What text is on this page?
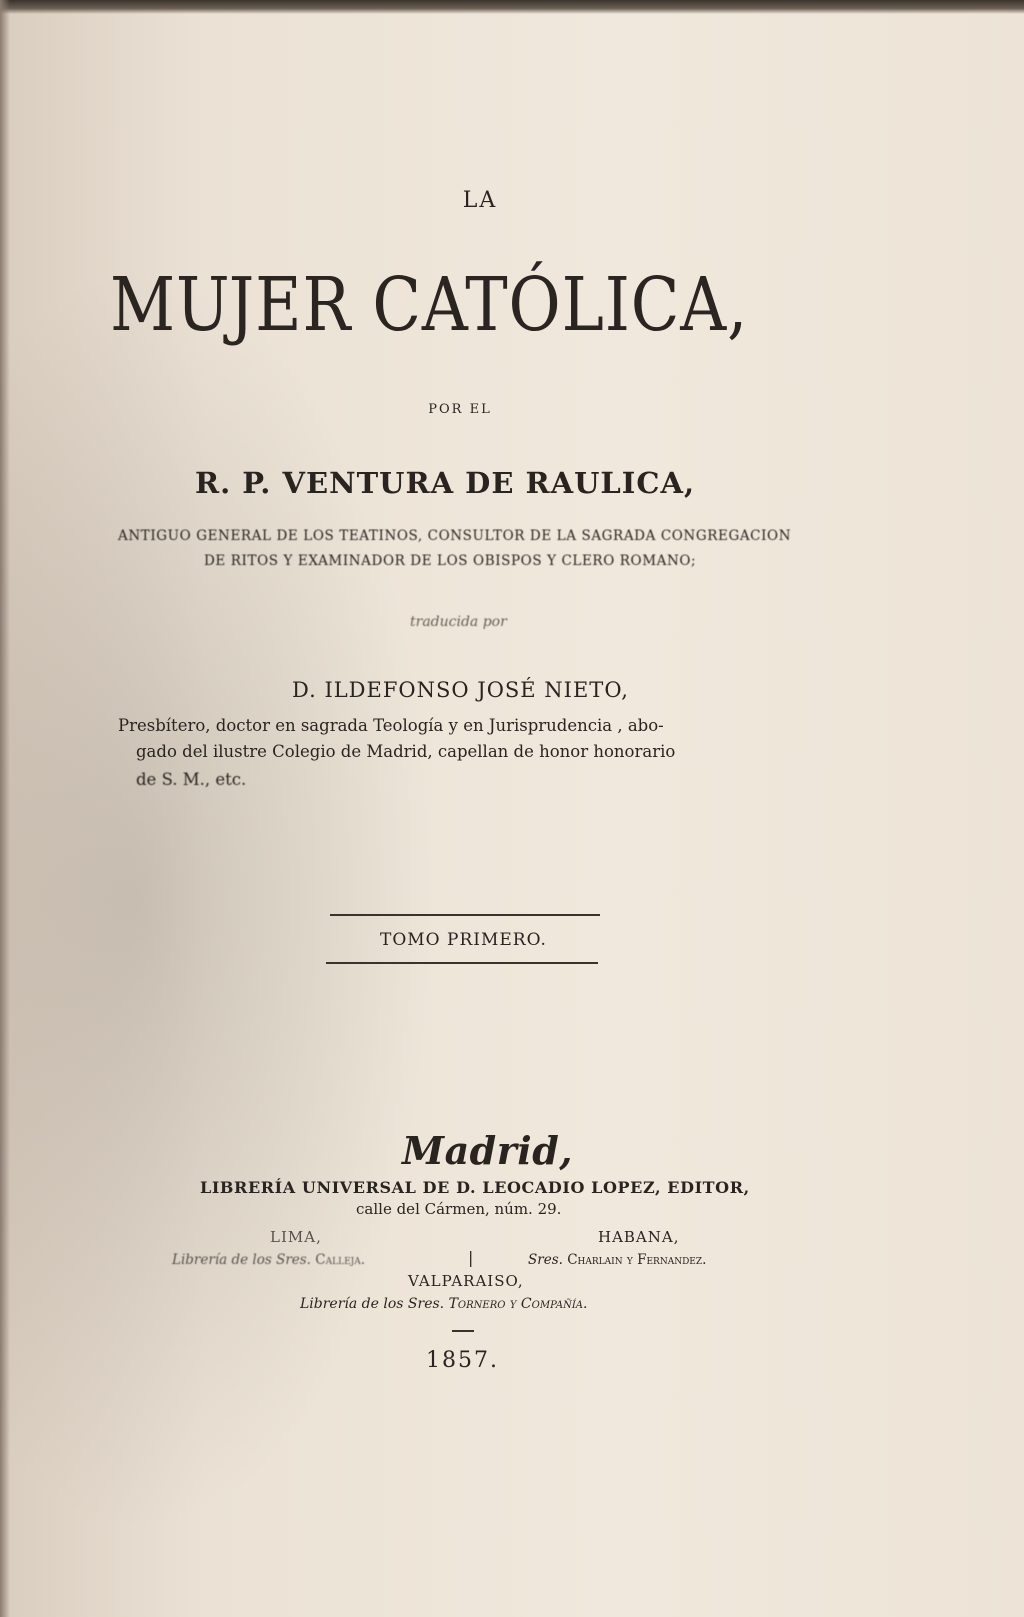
LA
MUJER CATÓLICA,
POR EL
R. P. VENTURA DE RAULICA,
ANTIGUO GENERAL DE LOS TEATINOS, CONSULTOR DE LA SAGRADA CONGREGACION
DE RITOS Y EXAMINADOR DE LOS OBISPOS Y CLERO ROMANO;
traducida por
D. ILDEFONSO JOSÉ NIETO,
Presbítero, doctor en sagrada Teología y en Jurisprudencia , abo-
gado del ilustre Colegio de Madrid, capellan de honor honorario
de S. M., etc.
TOMO PRIMERO.
Madrid,
LIBRERÍA UNIVERSAL DE D. LEOCADIO LOPEZ, EDITOR,
calle del Cármen, núm. 29.
LIMA,
Librería de los Sres. Calleja.	|
HABANA,
Sres. Charlain y Fernandez.
VALPARAISO,
Librería de los Sres. Tornero y Compañía.
1857.
